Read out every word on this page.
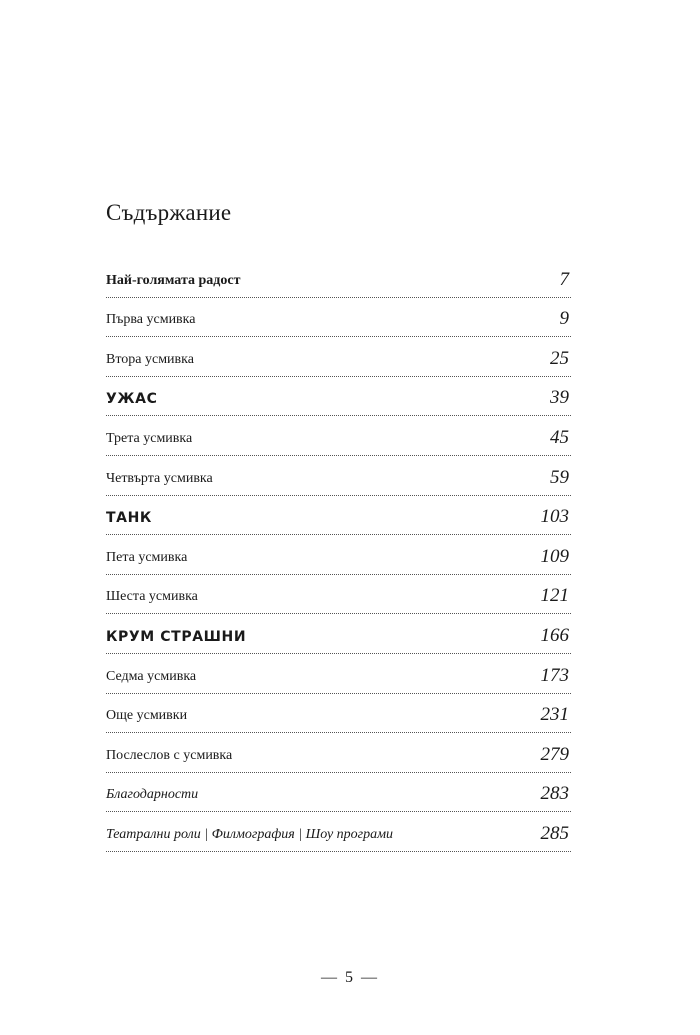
Съдържание
Най-голямата радост	7
Първа усмивка	9
Втора усмивка	25
УЖАС	39
Трета усмивка	45
Четвърта усмивка	59
ТАНК	103
Пета усмивка	109
Шеста усмивка	121
КРУМ СТРАШНИ	166
Седма усмивка	173
Още усмивки	231
Послеслов с усмивка	279
Благодарности	283
Театрални роли | Филмография | Шоу програми	285
— 5 —
